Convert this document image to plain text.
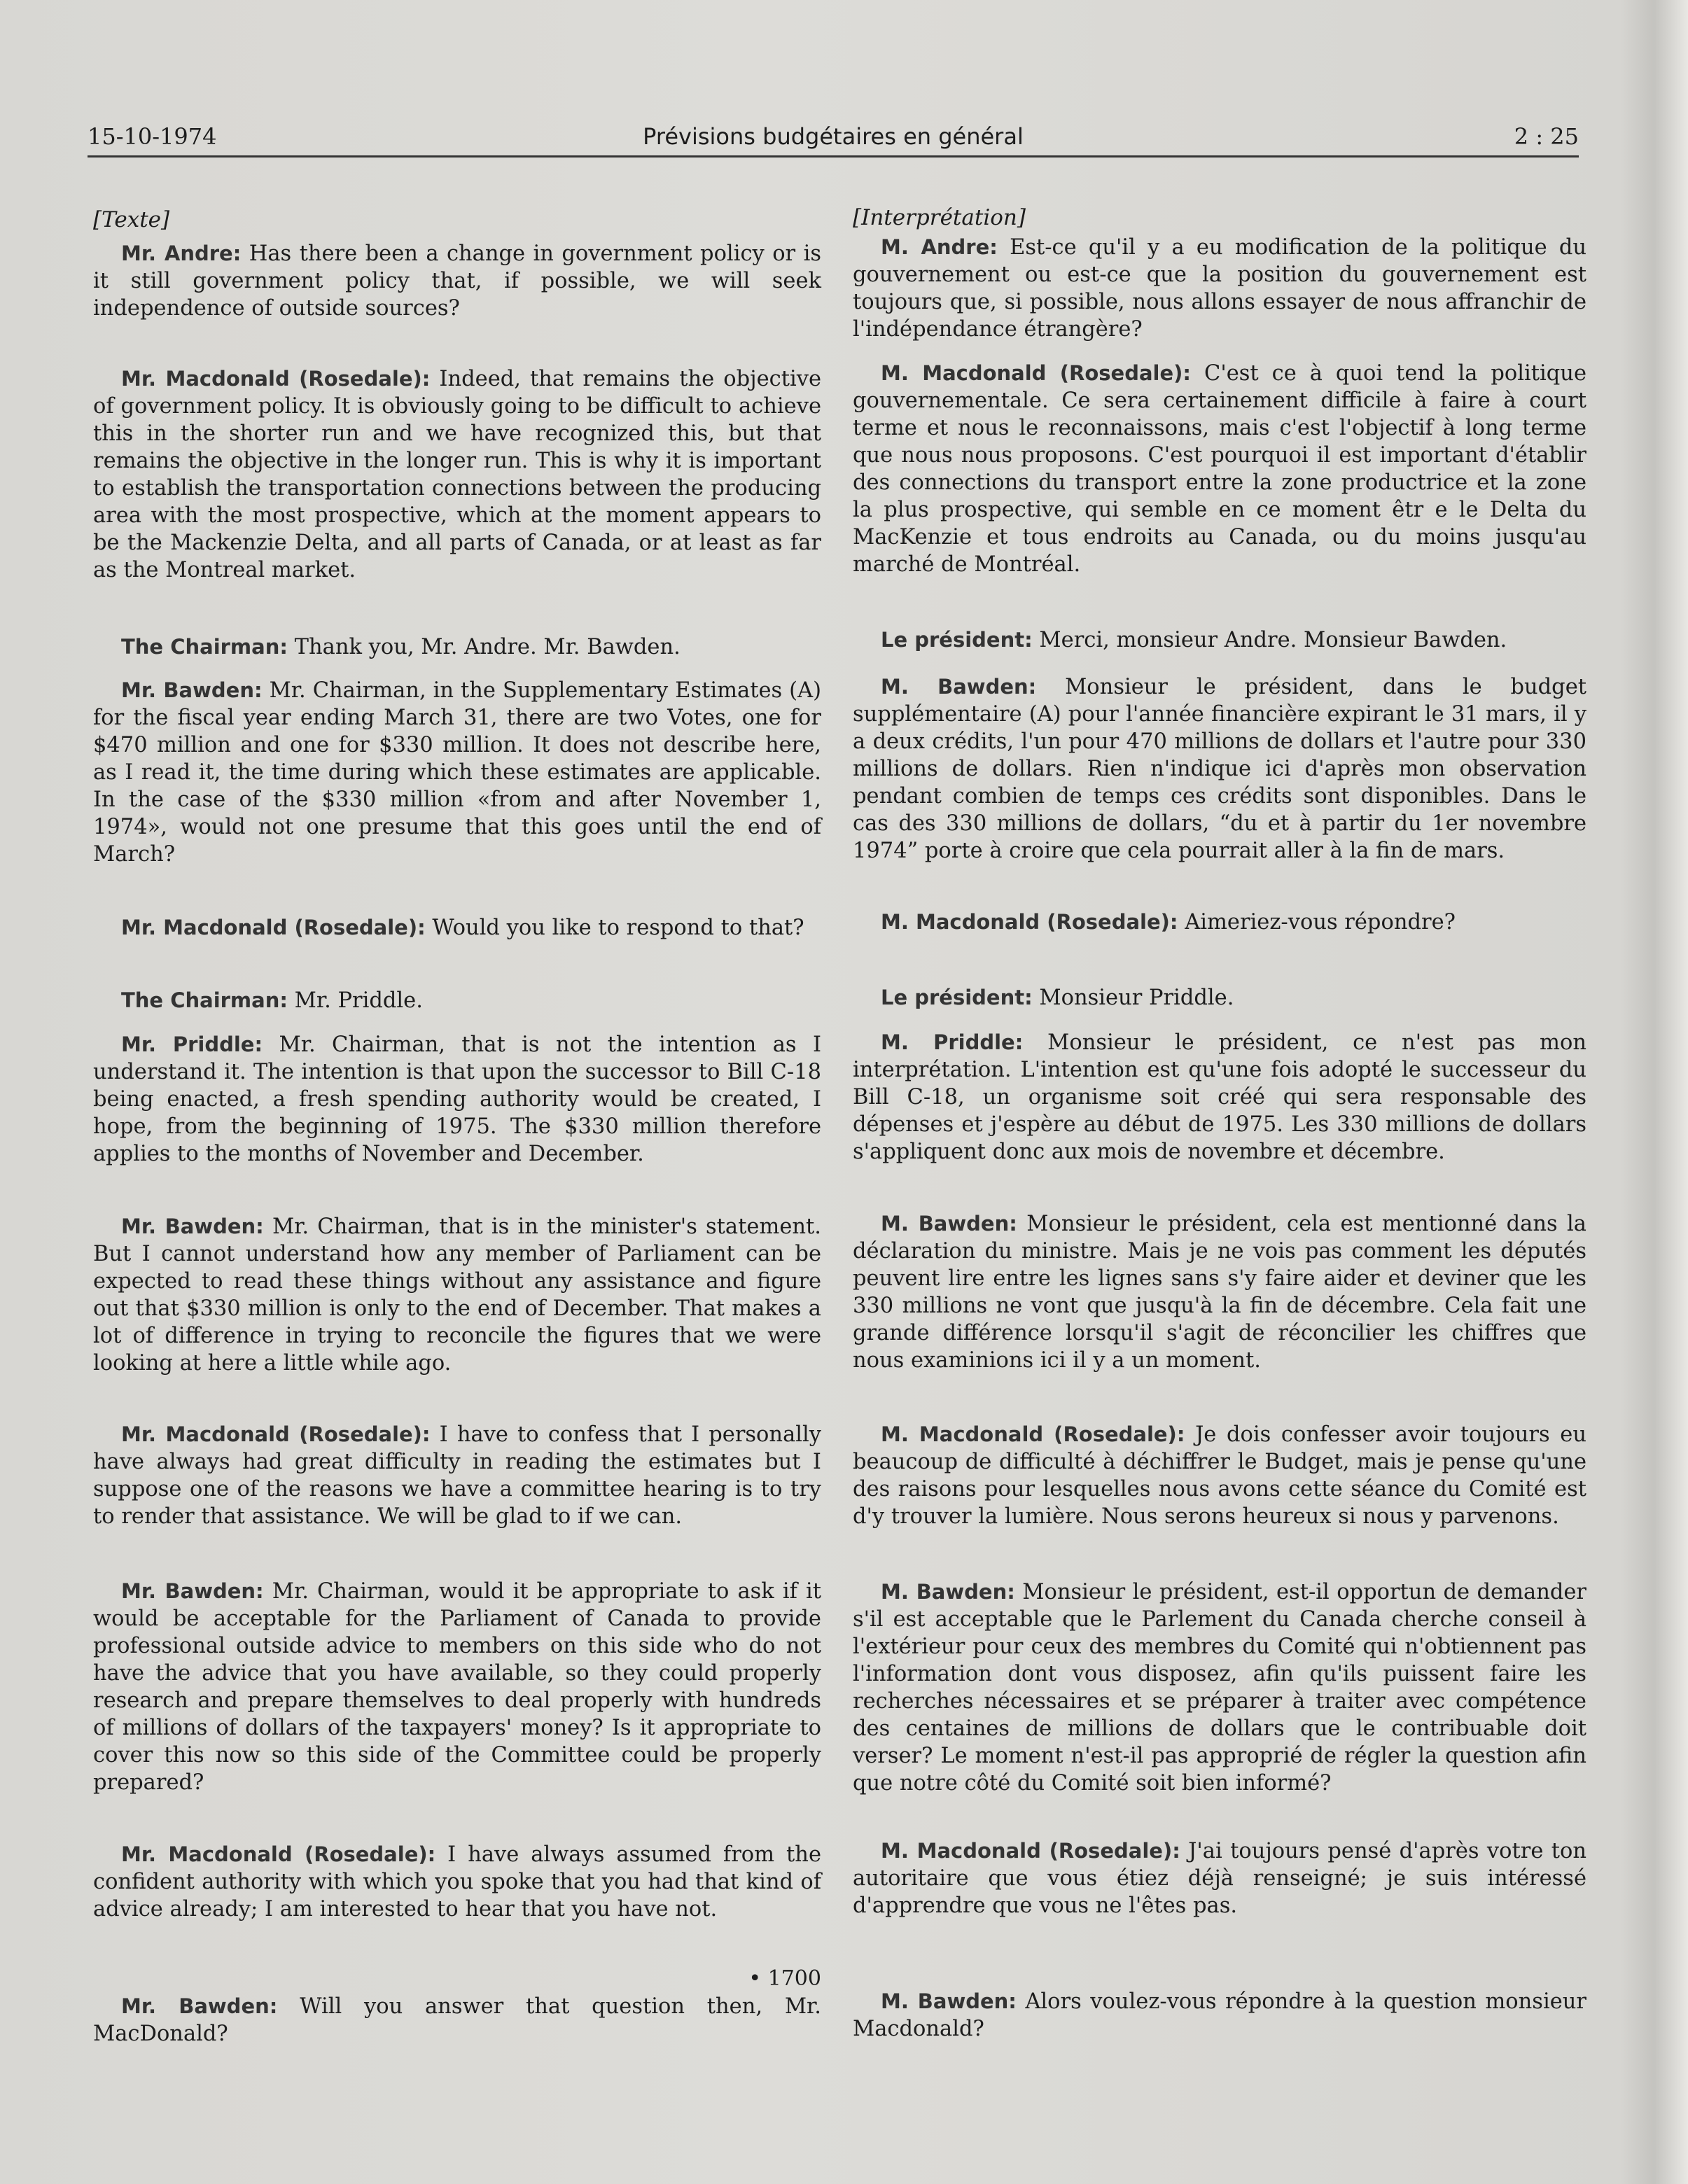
15-10-1974	Prévisions budgétaires en général	2 : 25
[Texte]

Mr. Andre: Has there been a change in government policy or is it still government policy that, if possible, we will seek independence of outside sources?

Mr. Macdonald (Rosedale): Indeed, that remains the objective of government policy. It is obviously going to be difficult to achieve this in the shorter run and we have recognized this, but that remains the objective in the longer run. This is why it is important to establish the transportation connections between the producing area with the most prospective, which at the moment appears to be the Mackenzie Delta, and all parts of Canada, or at least as far as the Montreal market.

The Chairman: Thank you, Mr. Andre. Mr. Bawden.

Mr. Bawden: Mr. Chairman, in the Supplementary Estimates (A) for the fiscal year ending March 31, there are two Votes, one for $470 million and one for $330 million. It does not describe here, as I read it, the time during which these estimates are applicable. In the case of the $330 million «from and after November 1, 1974», would not one presume that this goes until the end of March?

Mr. Macdonald (Rosedale): Would you like to respond to that?

The Chairman: Mr. Priddle.

Mr. Priddle: Mr. Chairman, that is not the intention as I understand it. The intention is that upon the successor to Bill C-18 being enacted, a fresh spending authority would be created, I hope, from the beginning of 1975. The $330 million therefore applies to the months of November and December.

Mr. Bawden: Mr. Chairman, that is in the minister's statement. But I cannot understand how any member of Parliament can be expected to read these things without any assistance and figure out that $330 million is only to the end of December. That makes a lot of difference in trying to reconcile the figures that we were looking at here a little while ago.

Mr. Macdonald (Rosedale): I have to confess that I personally have always had great difficulty in reading the estimates but I suppose one of the reasons we have a committee hearing is to try to render that assistance. We will be glad to if we can.

Mr. Bawden: Mr. Chairman, would it be appropriate to ask if it would be acceptable for the Parliament of Canada to provide professional outside advice to members on this side who do not have the advice that you have available, so they could properly research and prepare themselves to deal properly with hundreds of millions of dollars of the taxpayers' money? Is it appropriate to cover this now so this side of the Committee could be properly prepared?

Mr. Macdonald (Rosedale): I have always assumed from the confident authority with which you spoke that you had that kind of advice already; I am interested to hear that you have not.

• 1700

Mr. Bawden: Will you answer that question then, Mr. MacDonald?

[Interprétation]

M. Andre: Est-ce qu'il y a eu modification de la politique du gouvernement ou est-ce que la position du gouvernement est toujours que, si possible, nous allons essayer de nous affranchir de l'indépendance étrangère?

M. Macdonald (Rosedale): C'est ce à quoi tend la politique gouvernementale. Ce sera certainement difficile à faire à court terme et nous le reconnaissons, mais c'est l'objectif à long terme que nous nous proposons. C'est pourquoi il est important d'établir des connections du transport entre la zone productrice et la zone la plus prospective, qui semble en ce moment êtr e le Delta du MacKenzie et tous endroits au Canada, ou du moins jusqu'au marché de Montréal.

Le président: Merci, monsieur Andre. Monsieur Bawden.

M. Bawden: Monsieur le président, dans le budget supplémentaire (A) pour l'année financière expirant le 31 mars, il y a deux crédits, l'un pour 470 millions de dollars et l'autre pour 330 millions de dollars. Rien n'indique ici d'après mon observation pendant combien de temps ces crédits sont disponibles. Dans le cas des 330 millions de dollars, “du et à partir du 1er novembre 1974” porte à croire que cela pourrait aller à la fin de mars.

M. Macdonald (Rosedale): Aimeriez-vous répondre?

Le président: Monsieur Priddle.

M. Priddle: Monsieur le président, ce n'est pas mon interprétation. L'intention est qu'une fois adopté le successeur du Bill C-18, un organisme soit créé qui sera responsable des dépenses et j'espère au début de 1975. Les 330 millions de dollars s'appliquent donc aux mois de novembre et décembre.

M. Bawden: Monsieur le président, cela est mentionné dans la déclaration du ministre. Mais je ne vois pas comment les députés peuvent lire entre les lignes sans s'y faire aider et deviner que les 330 millions ne vont que jusqu'à la fin de décembre. Cela fait une grande différence lorsqu'il s'agit de réconcilier les chiffres que nous examinions ici il y a un moment.

M. Macdonald (Rosedale): Je dois confesser avoir toujours eu beaucoup de difficulté à déchiffrer le Budget, mais je pense qu'une des raisons pour lesquelles nous avons cette séance du Comité est d'y trouver la lumière. Nous serons heureux si nous y parvenons.

M. Bawden: Monsieur le président, est-il opportun de demander s'il est acceptable que le Parlement du Canada cherche conseil à l'extérieur pour ceux des membres du Comité qui n'obtiennent pas l'information dont vous disposez, afin qu'ils puissent faire les recherches nécessaires et se préparer à traiter avec compétence des centaines de millions de dollars que le contribuable doit verser? Le moment n'est-il pas approprié de régler la question afin que notre côté du Comité soit bien informé?

M. Macdonald (Rosedale): J'ai toujours pensé d'après votre ton autoritaire que vous étiez déjà renseigné; je suis intéressé d'apprendre que vous ne l'êtes pas.

M. Bawden: Alors voulez-vous répondre à la question monsieur Macdonald?
